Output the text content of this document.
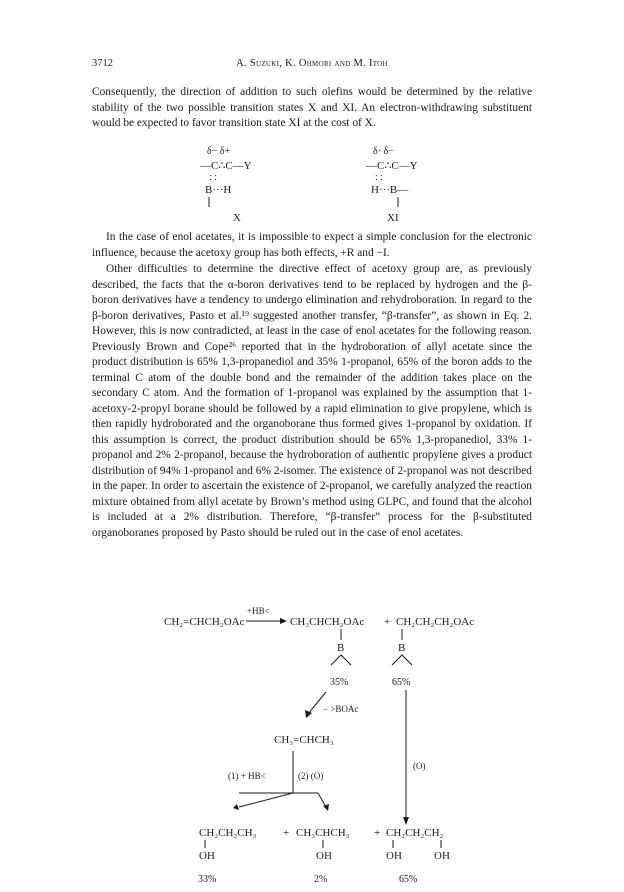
3712	A. Suzuki, K. Ohmori and M. Itoh

Consequently, the direction of addition to such olefins would be determined by the relative stability of the two possible transition states X and XI. An electron-withdrawing substituent would be expected to favor transition state XI at the cost of X.

δ− δ+
—C∴C—Y
: :
B···H
X
δ· δ−
—C∴C—Y
: :
H···B—
XI
CH₂=CHCH₂OAc
+HB<
CH₃CHCH₂OAc + CH₂CH₂CH₂OAc
B	B
35%	65%
− >BOAc
CH₃=CHCH₃
(O)
(1) + HB<	(2) (O)
CH₂CH₂CH₃ + CH₃CHCH₃ + CH₂CH₂CH₂
OH	OH	OH	OH
33%	2%	65%

In the case of enol acetates, it is impossible to expect a simple conclusion for the electronic influence, because the acetoxy group has both effects, +R and −I.

Other difficulties to determine the directive effect of acetoxy group are, as previously described, the facts that the α-boron derivatives tend to be replaced by hydrogen and the β-boron derivatives have a tendency to undergo elimination and rehydroboration. In regard to the β-boron derivatives, Pasto et al.¹⁹ suggested another transfer, “β-transfer”, as shown in Eq. 2. However, this is now contradicted, at least in the case of enol acetates for the following reason. Previously Brown and Cope²⁶ reported that in the hydroboration of allyl acetate since the product distribution is 65% 1,3-propanediol and 35% 1-propanol, 65% of the boron adds to the terminal C atom of the double bond and the remainder of the addition takes place on the secondary C atom. And the formation of 1-propanol was explained by the assumption that 1-acetoxy-2-propyl borane should be followed by a rapid elimination to give propylene, which is then rapidly hydroborated and the organoborane thus formed gives 1-propanol by oxidation. If this assumption is correct, the product distribution should be 65% 1,3-propanediol, 33% 1-propanol and 2% 2-propanol, because the hydroboration of authentic propylene gives a product distribution of 94% 1-propanol and 6% 2-isomer. The existence of 2-propanol was not described in the paper. In order to ascertain the existence of 2-propanol, we carefully analyzed the reaction mixture obtained from allyl acetate by Brown’s method using GLPC, and found that the alcohol is included at a 2% distribution. Therefore, “β-transfer” process for the β-substituted organoboranes proposed by Pasto should be ruled out in the case of enol acetates.
